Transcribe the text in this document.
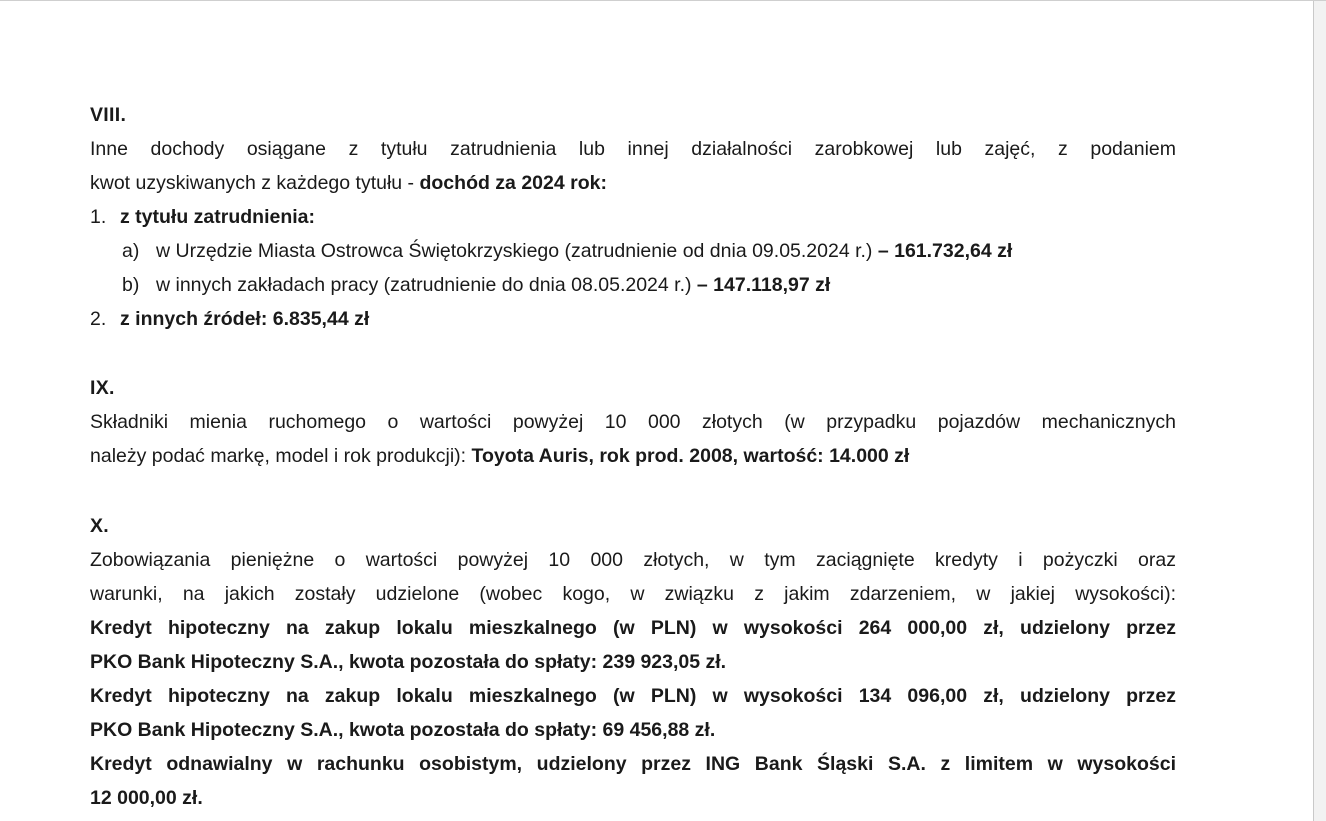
VIII.

Inne dochody osiągane z tytułu zatrudnienia lub innej działalności zarobkowej lub zajęć, z podaniem

kwot uzyskiwanych z każdego tytułu - dochód za 2024 rok:

1. z tytułu zatrudnienia:
a) w Urzędzie Miasta Ostrowca Świętokrzyskiego (zatrudnienie od dnia 09.05.2024 r.) – 161.732,64 zł
b) w innych zakładach pracy (zatrudnienie do dnia 08.05.2024 r.) – 147.118,97 zł
2. z innych źródeł: 6.835,44 zł
IX.

Składniki mienia ruchomego o wartości powyżej 10 000 złotych (w przypadku pojazdów mechanicznych

należy podać markę, model i rok produkcji): Toyota Auris, rok prod. 2008, wartość: 14.000 zł

X.

Zobowiązania pieniężne o wartości powyżej 10 000 złotych, w tym zaciągnięte kredyty i pożyczki oraz

warunki, na jakich zostały udzielone (wobec kogo, w związku z jakim zdarzeniem, w jakiej wysokości):

Kredyt hipoteczny na zakup lokalu mieszkalnego (w PLN) w wysokości 264 000,00 zł, udzielony przez

PKO Bank Hipoteczny S.A., kwota pozostała do spłaty: 239 923,05 zł.

Kredyt hipoteczny na zakup lokalu mieszkalnego (w PLN) w wysokości 134 096,00 zł, udzielony przez

PKO Bank Hipoteczny S.A., kwota pozostała do spłaty: 69 456,88 zł.

Kredyt odnawialny w rachunku osobistym, udzielony przez ING Bank Śląski S.A. z limitem w wysokości

12 000,00 zł.
